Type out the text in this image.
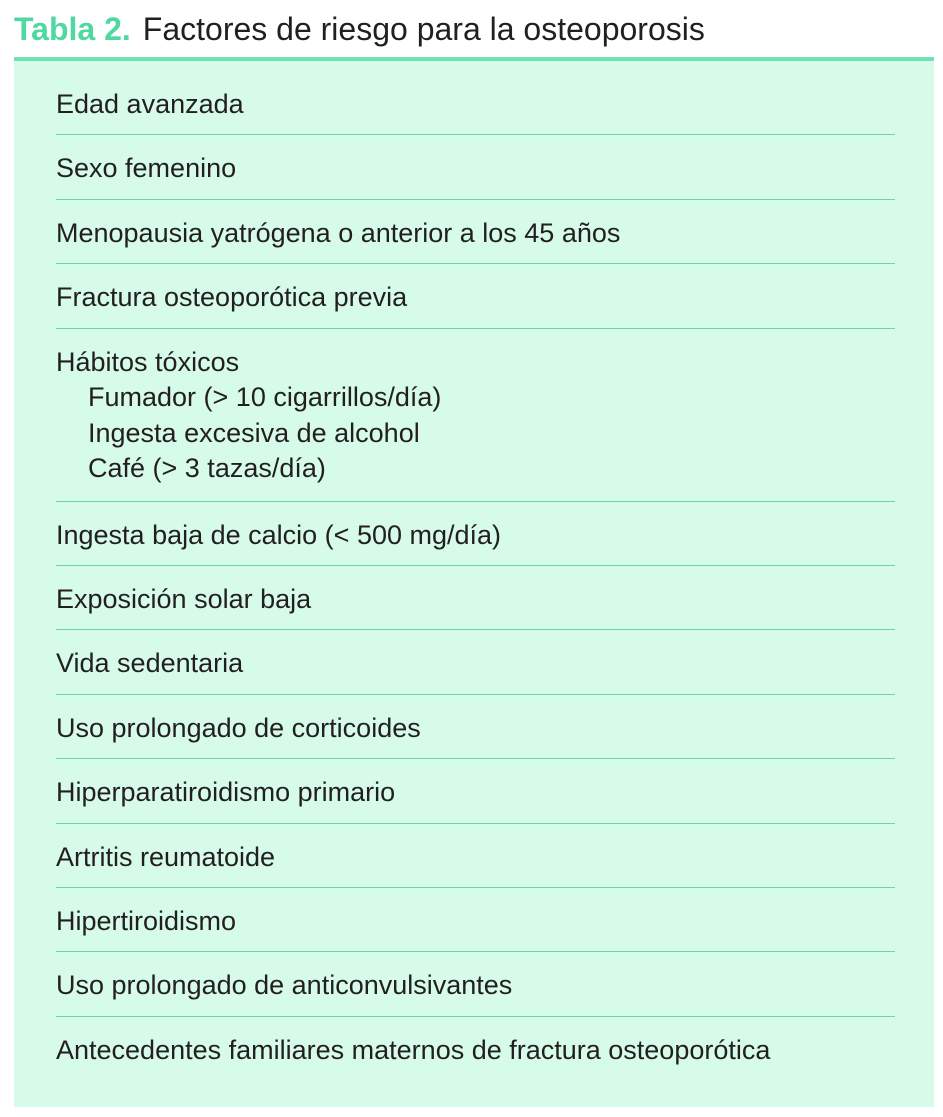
Tabla 2. Factores de riesgo para la osteoporosis
Edad avanzada
Sexo femenino
Menopausia yatrógena o anterior a los 45 años
Fractura osteoporótica previa
Hábitos tóxicos
Fumador (> 10 cigarrillos/día)
Ingesta excesiva de alcohol
Café (> 3 tazas/día)
Ingesta baja de calcio (< 500 mg/día)
Exposición solar baja
Vida sedentaria
Uso prolongado de corticoides
Hiperparatiroidismo primario
Artritis reumatoide
Hipertiroidismo
Uso prolongado de anticonvulsivantes
Antecedentes familiares maternos de fractura osteoporótica
